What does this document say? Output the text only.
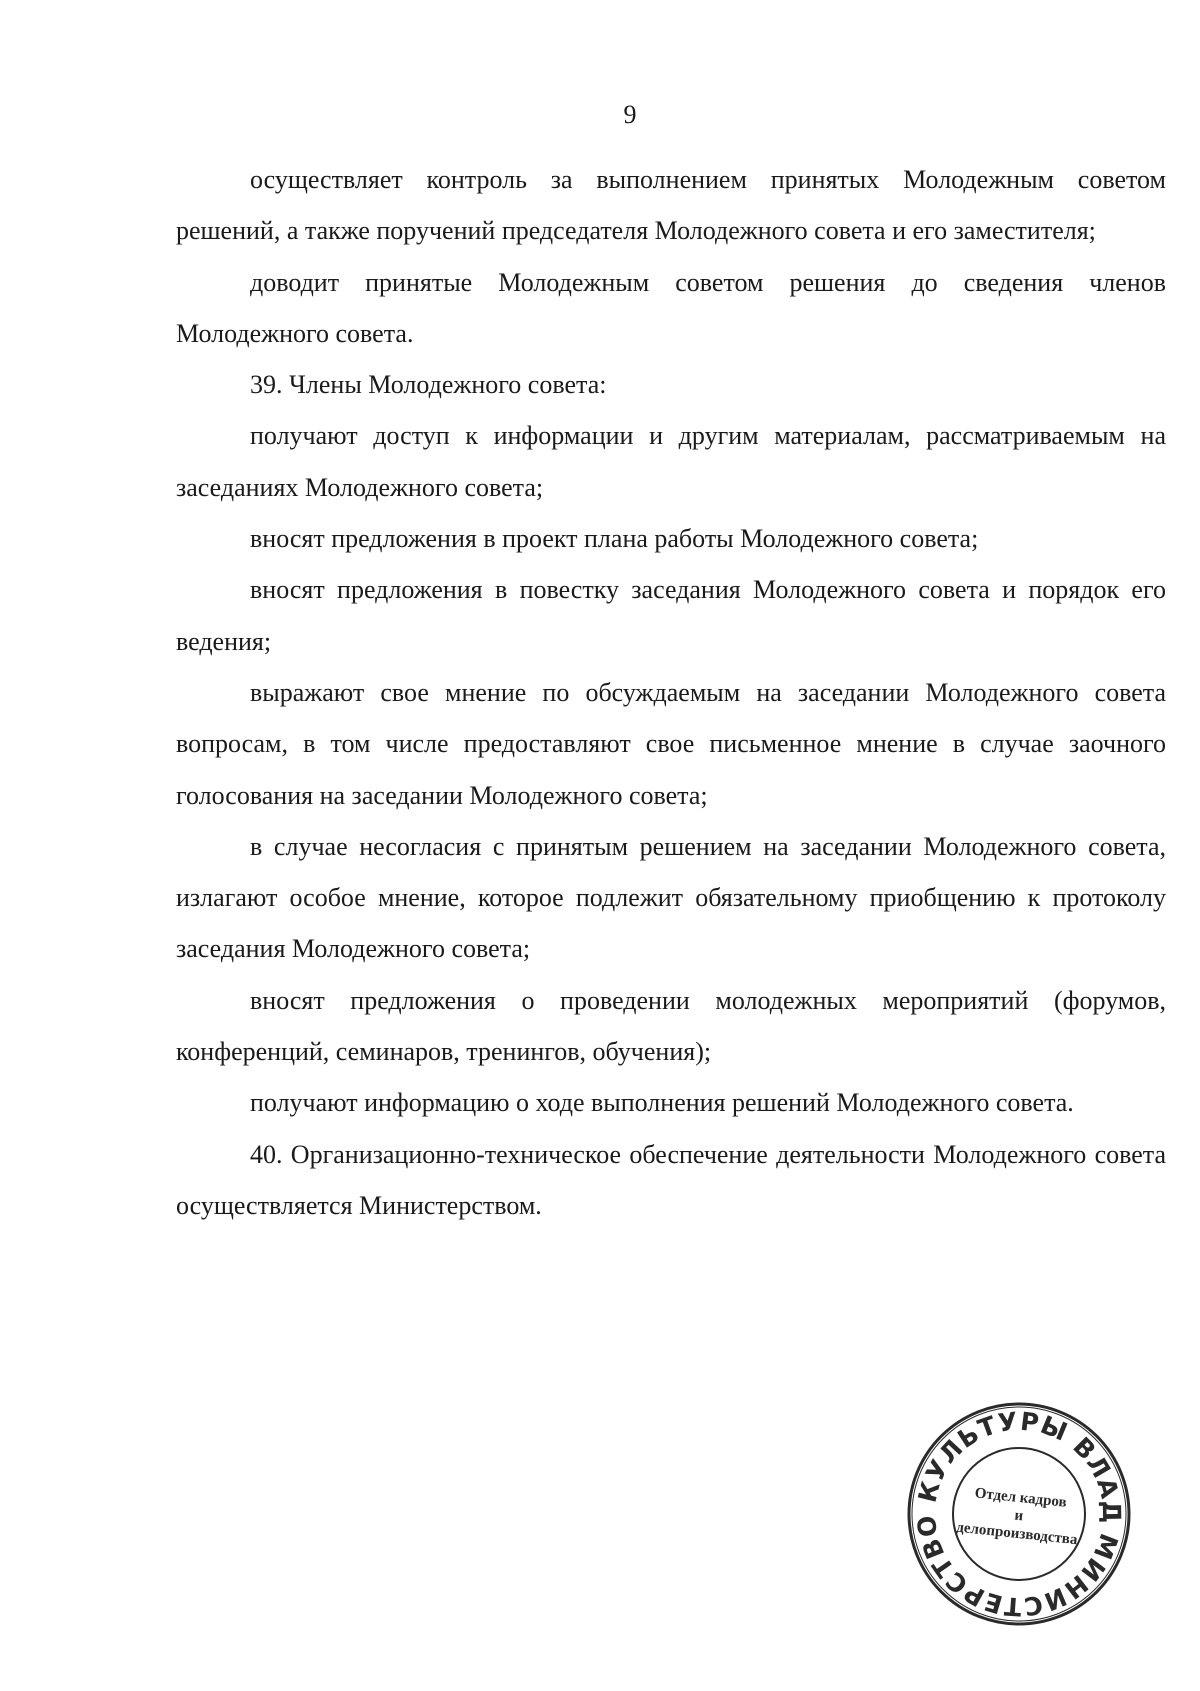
9

осуществляет контроль за выполнением принятых Молодежным советом решений, а также поручений председателя Молодежного совета и его заместителя;

доводит принятые Молодежным советом решения до сведения членов Молодежного совета.

39. Члены Молодежного совета:

получают доступ к информации и другим материалам, рассматриваемым на заседаниях Молодежного совета;

вносят предложения в проект плана работы Молодежного совета;

вносят предложения в повестку заседания Молодежного совета и порядок его ведения;

выражают свое мнение по обсуждаемым на заседании Молодежного совета вопросам, в том числе предоставляют свое письменное мнение в случае заочного голосования на заседании Молодежного совета;

в случае несогласия с принятым решением на заседании Молодежного совета, излагают особое мнение, которое подлежит обязательному приобщению к протоколу заседания Молодежного совета;

вносят предложения о проведении молодежных мероприятий (форумов, конференций, семинаров, тренингов, обучения);

получают информацию о ходе выполнения решений Молодежного совета.

40. Организационно-техническое обеспечение деятельности Молодежного совета осуществляется Министерством.

МИНИСТЕРСТВО КУЛЬТУРЫ ВЛАДИМИРСКОЙ
Отдел кадров
и
делопроизводства
